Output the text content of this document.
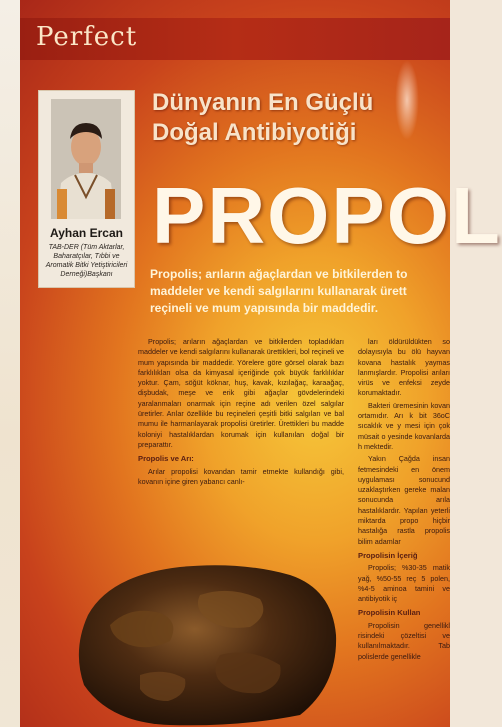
Perfect
Ayhan Ercan
TAB-DER (Tüm Aktarlar, Baharatçılar, Tıbbi ve Aromatik Bitki Yetiştiricileri Derneği)Başkanı
Dünyanın En Güçlü
Doğal Antibiyotiği
PROPOL
Propolis; arıların ağaçlardan ve bitkilerden to maddeler ve kendi salgılarını kullanarak ürett reçineli ve mum yapısında bir maddedir.

Propolis; arıların ağaçlardan ve bitkilerden topladıkları maddeler ve kendi salgılarını kullanarak ürettikleri, bol reçineli ve mum yapısında bir maddedir. Yörelere göre görsel olarak bazı farklılıkları olsa da kimyasal içeriğinde çok büyük farklılıklar yoktur. Çam, söğüt köknar, huş, kavak, kızılağaç, karaağaç, dişbudak, meşe ve erik gibi ağaçlar gövdelerindeki yaralanmaları onarmak için reçine adı verilen özel salgılar üretirler. Arılar özellikle bu reçineleri çeşitli bitki salgıları ve bal mumu ile harmanlayarak propolisi üretirler. Ürettikleri bu madde koloniyi hastalıklardan korumak için kullanılan doğal bir preparattır.

Propolis ve Arı:

Arılar propolisi kovandan tamir etmekte kullandığı gibi, kovanın içine giren yabancı canlı-

ları öldürüldükten so dolayısıyla bu ölü hayvan kovana hastalık yaymas lanmışlardır. Propolisi arıları virüs ve enfeksi zeyde korumaktadır.

Bakteri üremesinin kovan ortamıdır. Arı k bit 36oC sıcaklık ve y mesi için çok müsait o yesinde kovanlarda h mektedir.

Yakın Çağda insan fetmesindeki en önem uygulaması sonucund uzaklaştırken gereke malan sonucunda arıla hastalıklardır. Yapılan yeterli miktarda propo hiçbir hastalığa rastla propolis bilim adamlar

Propolisin İçeriğ

Propolis; %30-35 matik yağ, %50-55 reç 5 polen, %4-5 aminoa tamini ve antibiyotik iç

Propolisin Kullan

Propolisin genellikl risindeki çözeltisi ve kullanılmaktadır. Tab polislerde genellikle
